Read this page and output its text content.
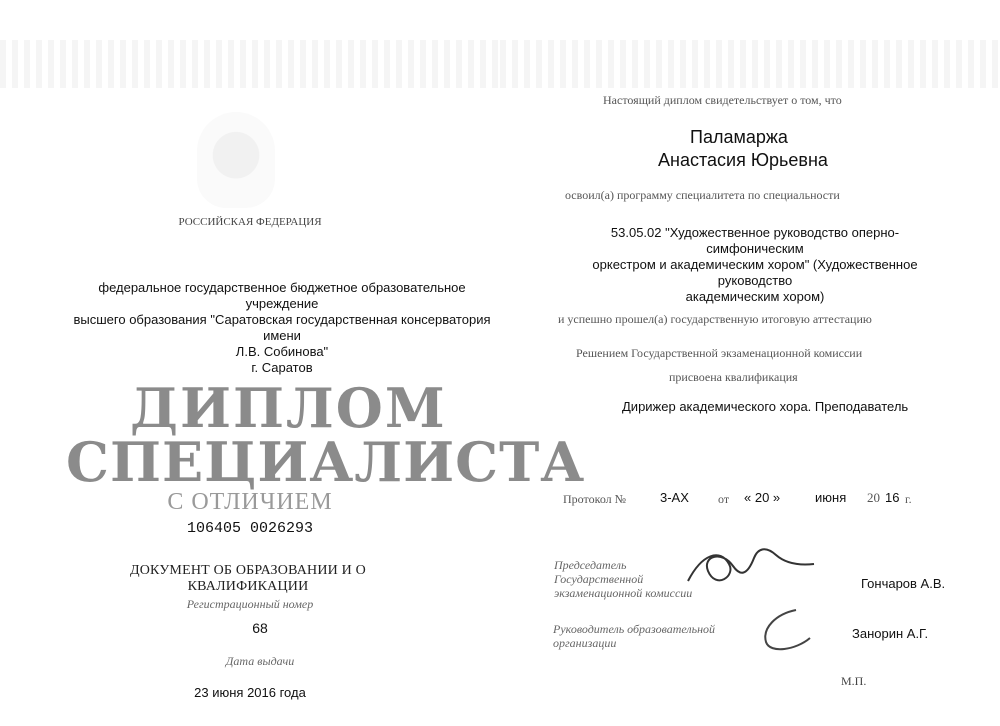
РОССИЙСКАЯ ФЕДЕРАЦИЯ
федеральное государственное бюджетное образовательное учреждение
высшего образования "Саратовская государственная консерватория имени
Л.В. Собинова"
г. Саратов
ДИПЛОМ
СПЕЦИАЛИСТА
С ОТЛИЧИЕМ
106405 0026293
ДОКУМЕНТ ОБ ОБРАЗОВАНИИ И О КВАЛИФИКАЦИИ
Регистрационный номер
68
Дата выдачи
23 июня 2016 года
Настоящий диплом свидетельствует о том, что
Паламаржа
Анастасия Юрьевна
освоил(а) программу специалитета по специальности
53.05.02 "Художественное руководство оперно- симфоническим
оркестром и академическим хором" (Художественное руководство
академическим хором)
и успешно прошел(а) государственную итоговую аттестацию
Решением Государственной экзаменационной комиссии
присвоена квалификация
Дирижер академического хора. Преподаватель
Протокол №	3-АХ от « 20 »	июня 20 16 г.
Председатель
Государственной
экзаменационной комиссии
Гончаров А.В.
Руководитель образовательной
организации
Занорин А.Г.
М.П.
